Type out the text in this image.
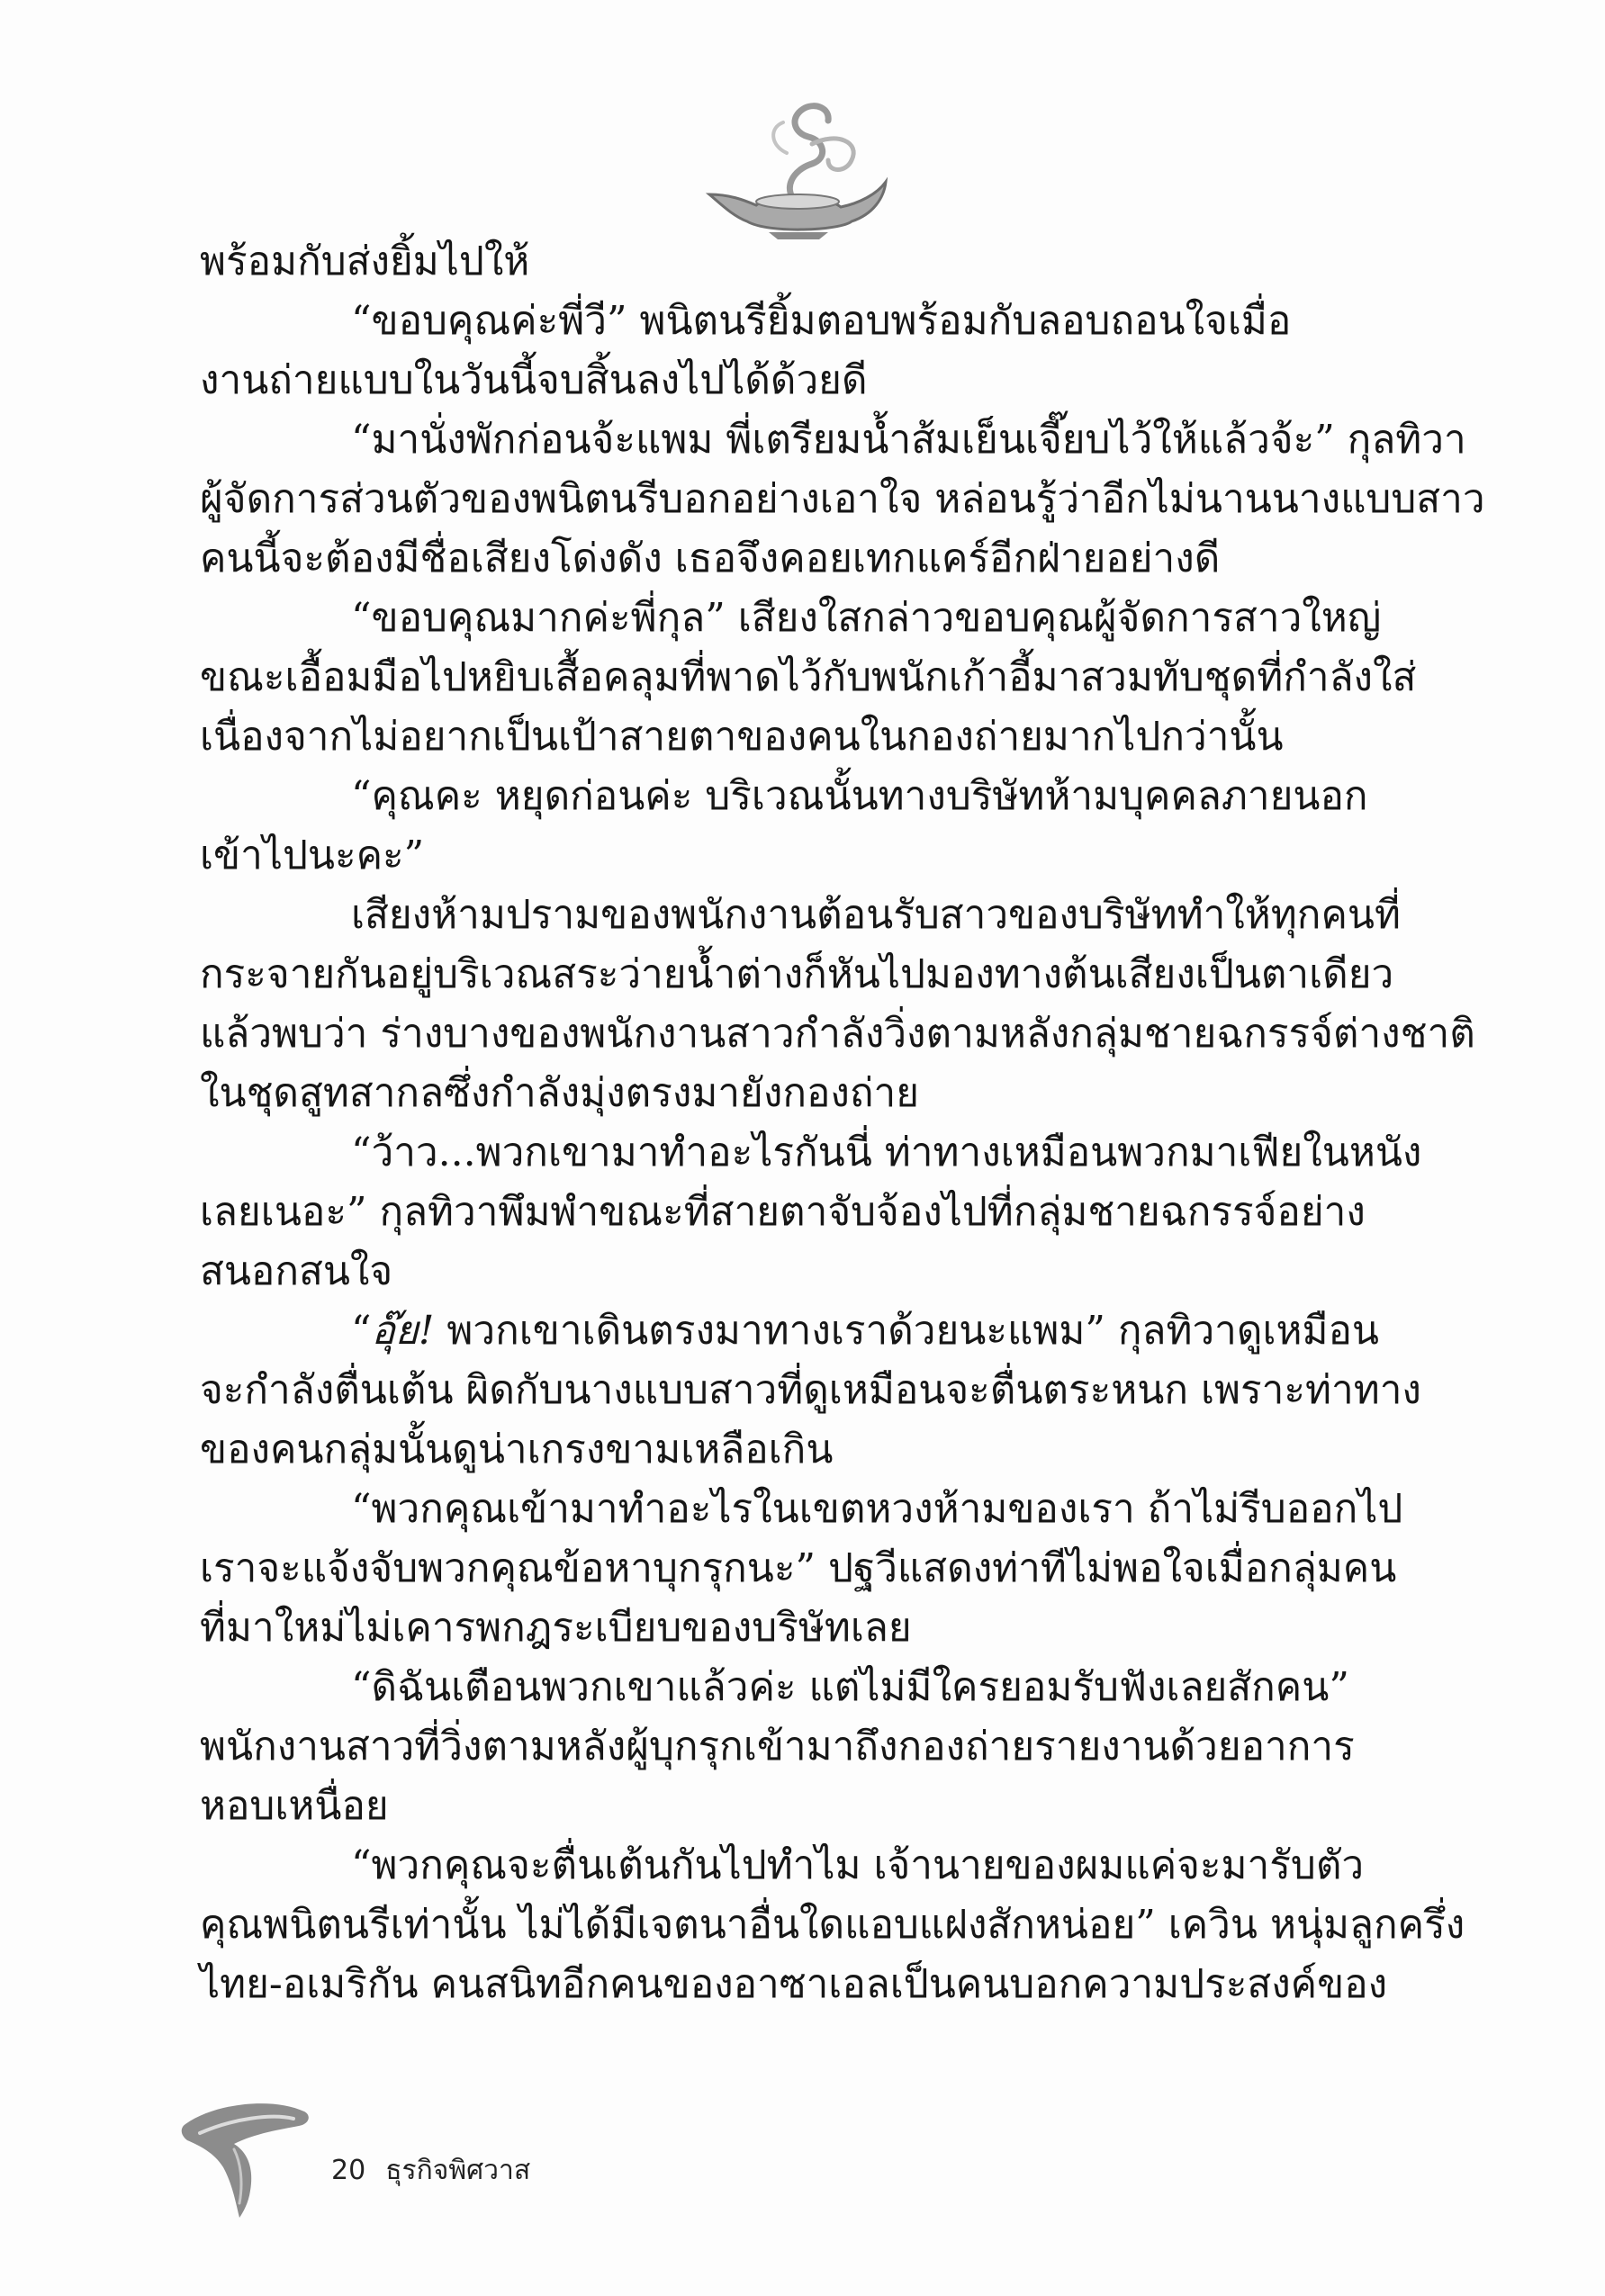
พร้อมกับส่งยิ้มไปให้

“ขอบคุณค่ะพี่วี” พนิตนรียิ้มตอบพร้อมกับลอบถอนใจเมื่อ
งานถ่ายแบบในวันนี้จบสิ้นลงไปได้ด้วยดี

“มานั่งพักก่อนจ้ะแพม พี่เตรียมน้ำส้มเย็นเจี๊ยบไว้ให้แล้วจ้ะ” กุลทิวา
ผู้จัดการส่วนตัวของพนิตนรีบอกอย่างเอาใจ หล่อนรู้ว่าอีกไม่นานนางแบบสาว
คนนี้จะต้องมีชื่อเสียงโด่งดัง เธอจึงคอยเทกแคร์อีกฝ่ายอย่างดี

“ขอบคุณมากค่ะพี่กุล” เสียงใสกล่าวขอบคุณผู้จัดการสาวใหญ่
ขณะเอื้อมมือไปหยิบเสื้อคลุมที่พาดไว้กับพนักเก้าอี้มาสวมทับชุดที่กำลังใส่
เนื่องจากไม่อยากเป็นเป้าสายตาของคนในกองถ่ายมากไปกว่านั้น

“คุณคะ หยุดก่อนค่ะ บริเวณนั้นทางบริษัทห้ามบุคคลภายนอก
เข้าไปนะคะ”

เสียงห้ามปรามของพนักงานต้อนรับสาวของบริษัททำให้ทุกคนที่
กระจายกันอยู่บริเวณสระว่ายน้ำต่างก็หันไปมองทางต้นเสียงเป็นตาเดียว
แล้วพบว่า ร่างบางของพนักงานสาวกำลังวิ่งตามหลังกลุ่มชายฉกรรจ์ต่างชาติ
ในชุดสูทสากลซึ่งกำลังมุ่งตรงมายังกองถ่าย

“ว้าว...พวกเขามาทำอะไรกันนี่ ท่าทางเหมือนพวกมาเฟียในหนัง
เลยเนอะ” กุลทิวาพึมพำขณะที่สายตาจับจ้องไปที่กลุ่มชายฉกรรจ์อย่าง
สนอกสนใจ

“อุ๊ย! พวกเขาเดินตรงมาทางเราด้วยนะแพม” กุลทิวาดูเหมือน
จะกำลังตื่นเต้น ผิดกับนางแบบสาวที่ดูเหมือนจะตื่นตระหนก เพราะท่าทาง
ของคนกลุ่มนั้นดูน่าเกรงขามเหลือเกิน

“พวกคุณเข้ามาทำอะไรในเขตหวงห้ามของเรา ถ้าไม่รีบออกไป
เราจะแจ้งจับพวกคุณข้อหาบุกรุกนะ” ปฐวีแสดงท่าทีไม่พอใจเมื่อกลุ่มคน
ที่มาใหม่ไม่เคารพกฎระเบียบของบริษัทเลย

“ดิฉันเตือนพวกเขาแล้วค่ะ แต่ไม่มีใครยอมรับฟังเลยสักคน”
พนักงานสาวที่วิ่งตามหลังผู้บุกรุกเข้ามาถึงกองถ่ายรายงานด้วยอาการ
หอบเหนื่อย

“พวกคุณจะตื่นเต้นกันไปทำไม เจ้านายของผมแค่จะมารับตัว
คุณพนิตนรีเท่านั้น ไม่ได้มีเจตนาอื่นใดแอบแฝงสักหน่อย” เควิน หนุ่มลูกครึ่ง
ไทย-อเมริกัน คนสนิทอีกคนของอาซาเอลเป็นคนบอกความประสงค์ของ

20 ธุรกิจพิศวาส
